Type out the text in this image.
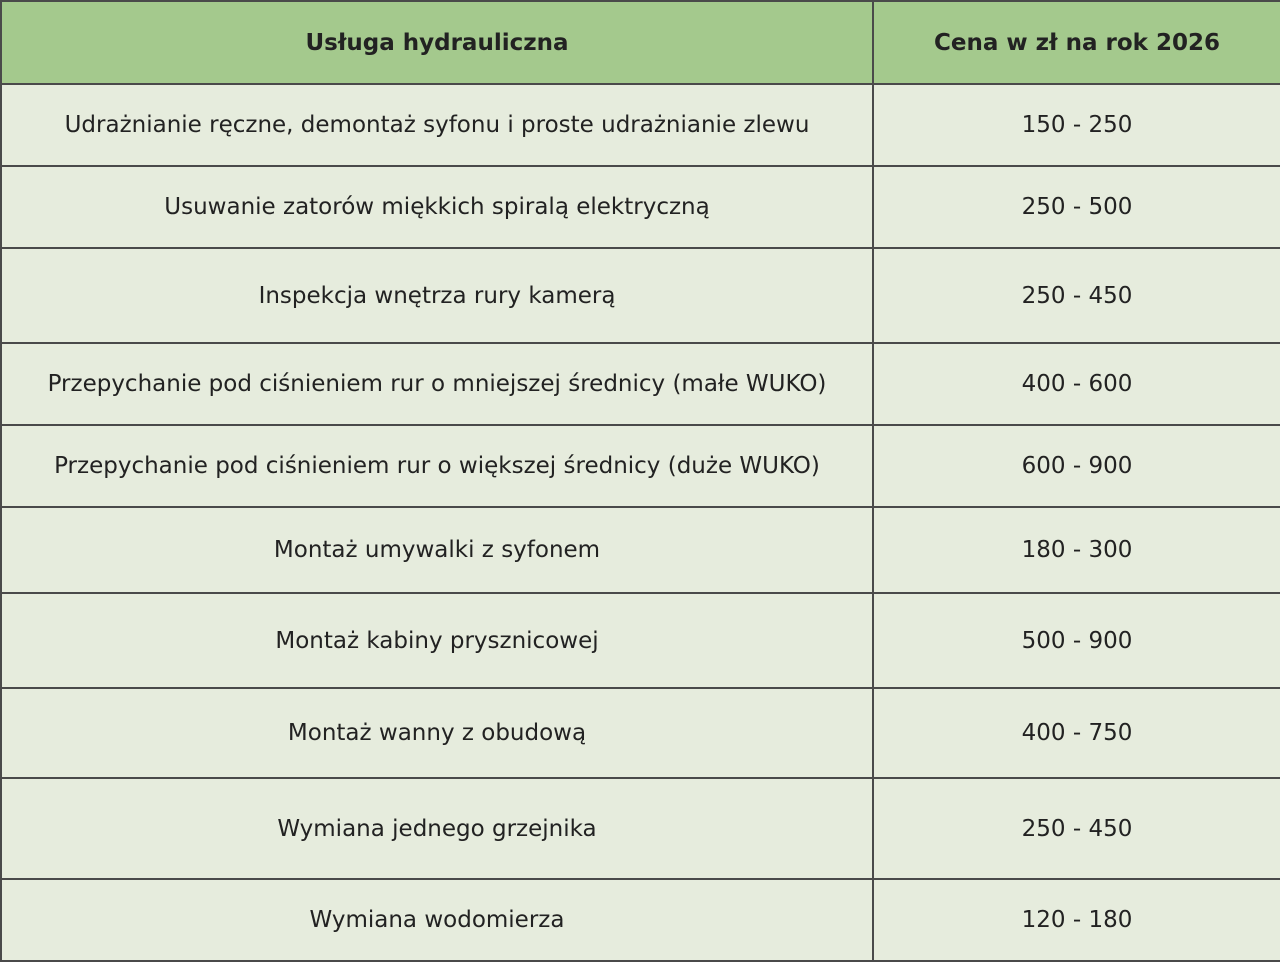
Usługa hydrauliczna	Cena w zł na rok 2026
Udrażnianie ręczne, demontaż syfonu i proste udrażnianie zlewu	150 - 250
Usuwanie zatorów miękkich spiralą elektryczną	250 - 500
Inspekcja wnętrza rury kamerą	250 - 450
Przepychanie pod ciśnieniem rur o mniejszej średnicy (małe WUKO)	400 - 600
Przepychanie pod ciśnieniem rur o większej średnicy (duże WUKO)	600 - 900
Montaż umywalki z syfonem	180 - 300
Montaż kabiny prysznicowej	500 - 900
Montaż wanny z obudową	400 - 750
Wymiana jednego grzejnika	250 - 450
Wymiana wodomierza	120 - 180
